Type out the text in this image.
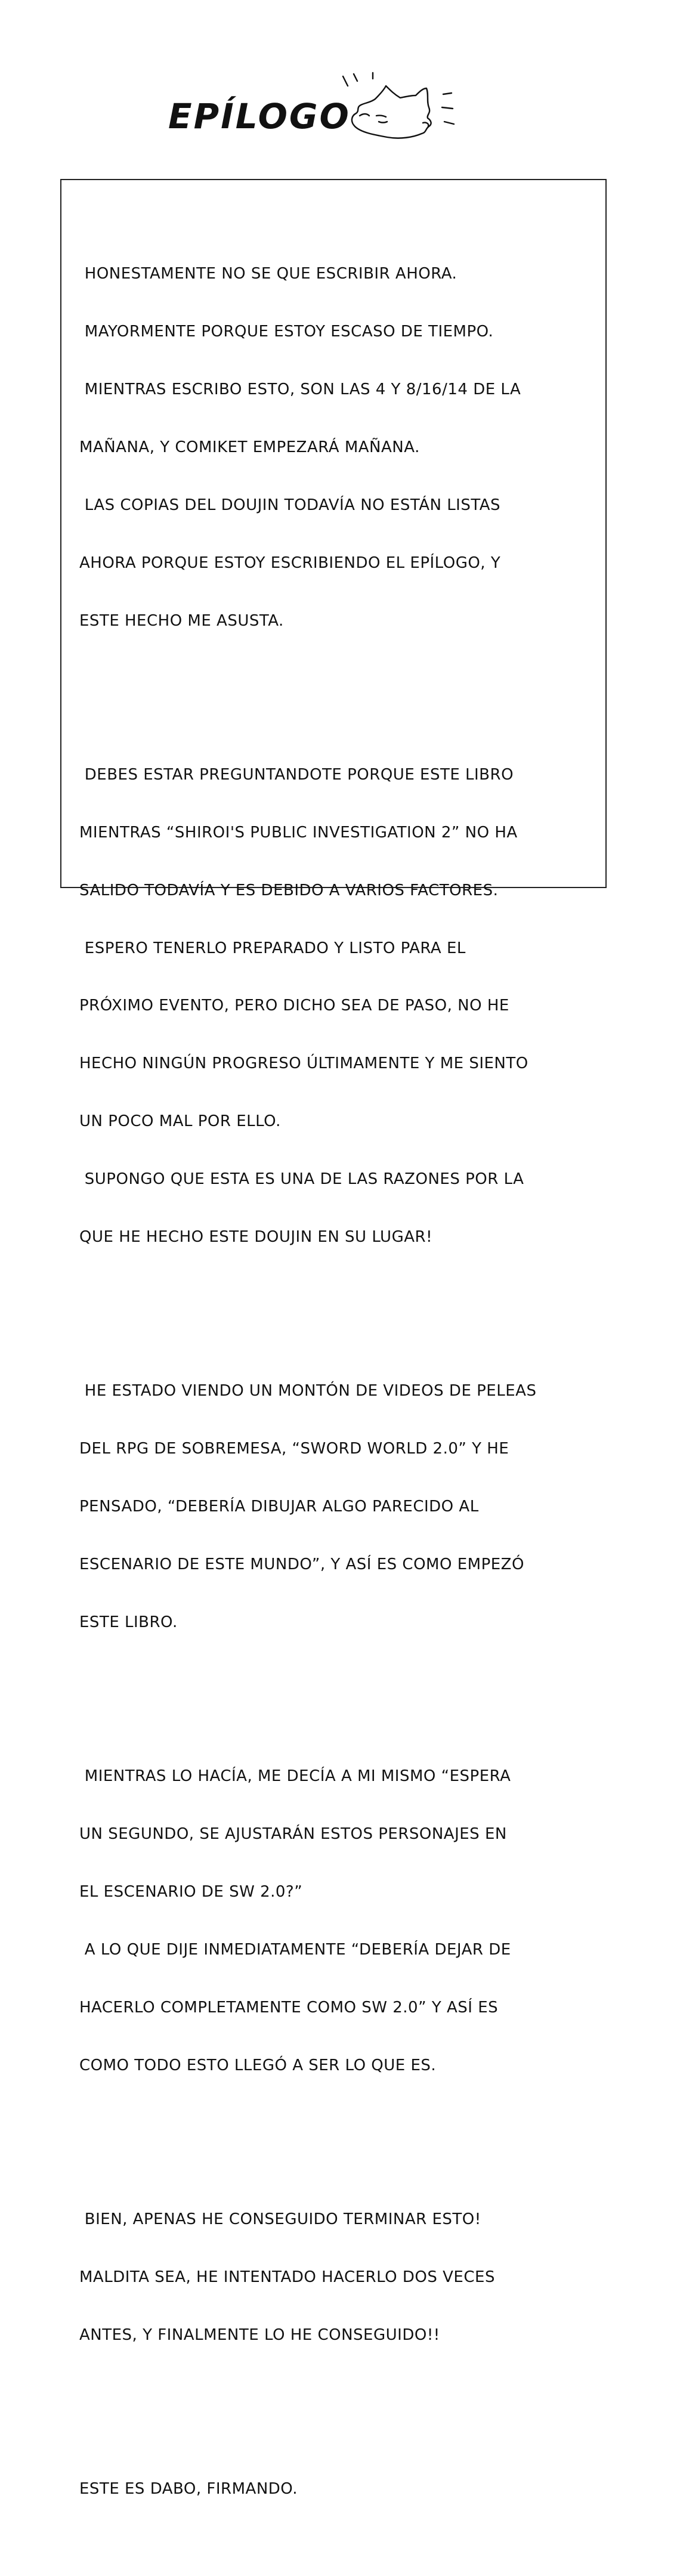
EPÍLOGO

HONESTAMENTE NO SE QUE ESCRIBIR AHORA.

MAYORMENTE PORQUE ESTOY ESCASO DE TIEMPO.

MIENTRAS ESCRIBO ESTO, SON LAS 4 Y 8/16/14 DE LA

MAÑANA, Y COMIKET EMPEZARÁ MAÑANA.

LAS COPIAS DEL DOUJIN TODAVÍA NO ESTÁN LISTAS

AHORA PORQUE ESTOY ESCRIBIENDO EL EPÍLOGO, Y

ESTE HECHO ME ASUSTA.

DEBES ESTAR PREGUNTANDOTE PORQUE ESTE LIBRO

MIENTRAS “SHIROI'S PUBLIC INVESTIGATION 2” NO HA

SALIDO TODAVÍA Y ES DEBIDO A VARIOS FACTORES.

ESPERO TENERLO PREPARADO Y LISTO PARA EL

PRÓXIMO EVENTO, PERO DICHO SEA DE PASO, NO HE

HECHO NINGÚN PROGRESO ÚLTIMAMENTE Y ME SIENTO

UN POCO MAL POR ELLO.

SUPONGO QUE ESTA ES UNA DE LAS RAZONES POR LA

QUE HE HECHO ESTE DOUJIN EN SU LUGAR!

HE ESTADO VIENDO UN MONTÓN DE VIDEOS DE PELEAS

DEL RPG DE SOBREMESA, “SWORD WORLD 2.0” Y HE

PENSADO, “DEBERÍA DIBUJAR ALGO PARECIDO AL

ESCENARIO DE ESTE MUNDO”, Y ASÍ ES COMO EMPEZÓ

ESTE LIBRO.

MIENTRAS LO HACÍA, ME DECÍA A MI MISMO “ESPERA

UN SEGUNDO, SE AJUSTARÁN ESTOS PERSONAJES EN

EL ESCENARIO DE SW 2.0?”

A LO QUE DIJE INMEDIATAMENTE “DEBERÍA DEJAR DE

HACERLO COMPLETAMENTE COMO SW 2.0” Y ASÍ ES

COMO TODO ESTO LLEGÓ A SER LO QUE ES.

BIEN, APENAS HE CONSEGUIDO TERMINAR ESTO!

MALDITA SEA, HE INTENTADO HACERLO DOS VECES

ANTES, Y FINALMENTE LO HE CONSEGUIDO!!

ESTE ES DABO, FIRMANDO.
